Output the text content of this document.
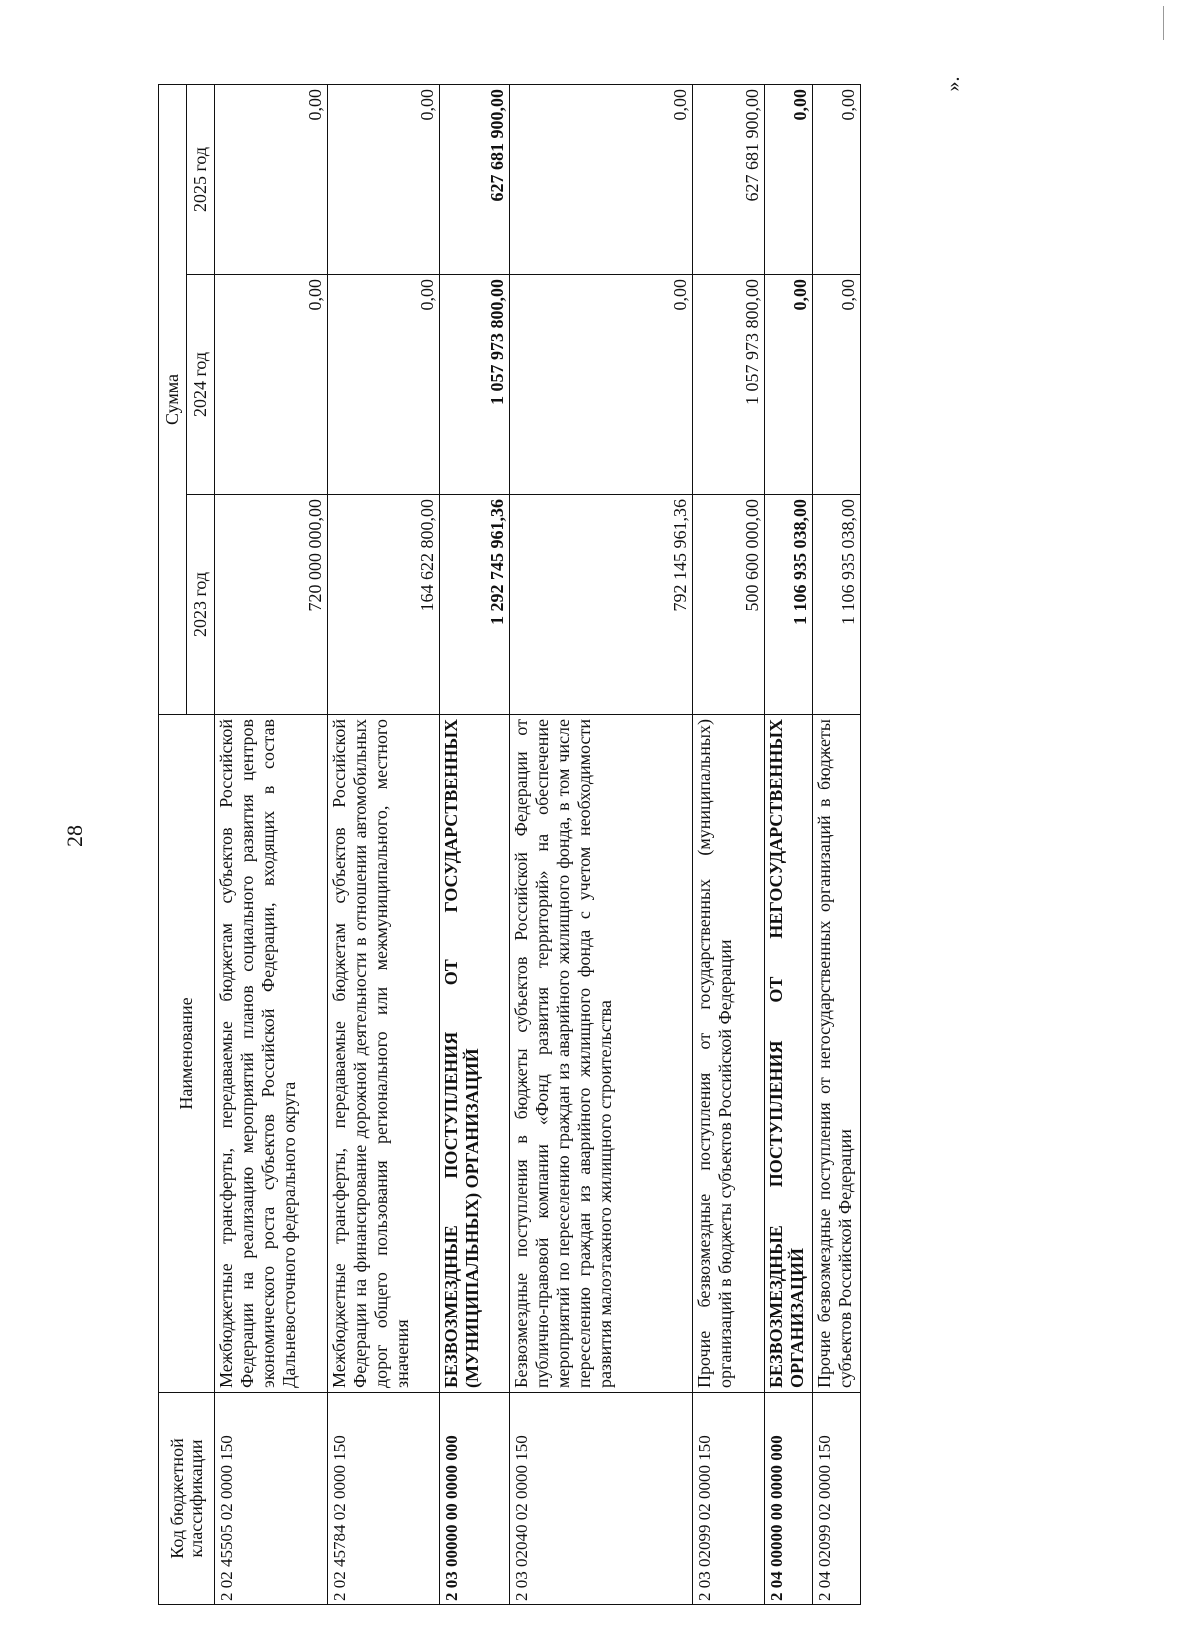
28
Код бюджетной классификации	Наименование	Сумма		
		2023 год	2024 год	2025 год
2 02 45505 02 0000 150	Межбюджетные трансферты, передаваемые бюджетам субъектов Российской Федерации на реализацию мероприятий планов социального развития центров экономического роста субъектов Российской Федерации, входящих в состав Дальневосточного федерального округа	720 000 000,00	0,00	0,00
2 02 45784 02 0000 150	Межбюджетные трансферты, передаваемые бюджетам субъектов Российской Федерации на финансирование дорожной деятельности в отношении автомобильных дорог общего пользования регионального или межмуниципального, местного значения	164 622 800,00	0,00	0,00
2 03 00000 00 0000 000	БЕЗВОЗМЕЗДНЫЕ ПОСТУПЛЕНИЯ ОТ ГОСУДАРСТВЕННЫХ (МУНИЦИПАЛЬНЫХ) ОРГАНИЗАЦИЙ	1 292 745 961,36	1 057 973 800,00	627 681 900,00
2 03 02040 02 0000 150	Безвозмездные поступления в бюджеты субъектов Российской Федерации от публично-правовой компании «Фонд развития территорий» на обеспечение мероприятий по переселению граждан из аварийного жилищного фонда, в том числе переселению граждан из аварийного жилищного фонда с учетом необходимости развития малоэтажного жилищного строительства	792 145 961,36	0,00	0,00
2 03 02099 02 0000 150	Прочие безвозмездные поступления от государственных (муниципальных) организаций в бюджеты субъектов Российской Федерации	500 600 000,00	1 057 973 800,00	627 681 900,00
2 04 00000 00 0000 000	БЕЗВОЗМЕЗДНЫЕ ПОСТУПЛЕНИЯ ОТ НЕГОСУДАРСТВЕННЫХ ОРГАНИЗАЦИЙ	1 106 935 038,00	0,00	0,00
2 04 02099 02 0000 150	Прочие безвозмездные поступления от негосударственных организаций в бюджеты субъектов Российской Федерации	1 106 935 038,00	0,00	0,00
».
